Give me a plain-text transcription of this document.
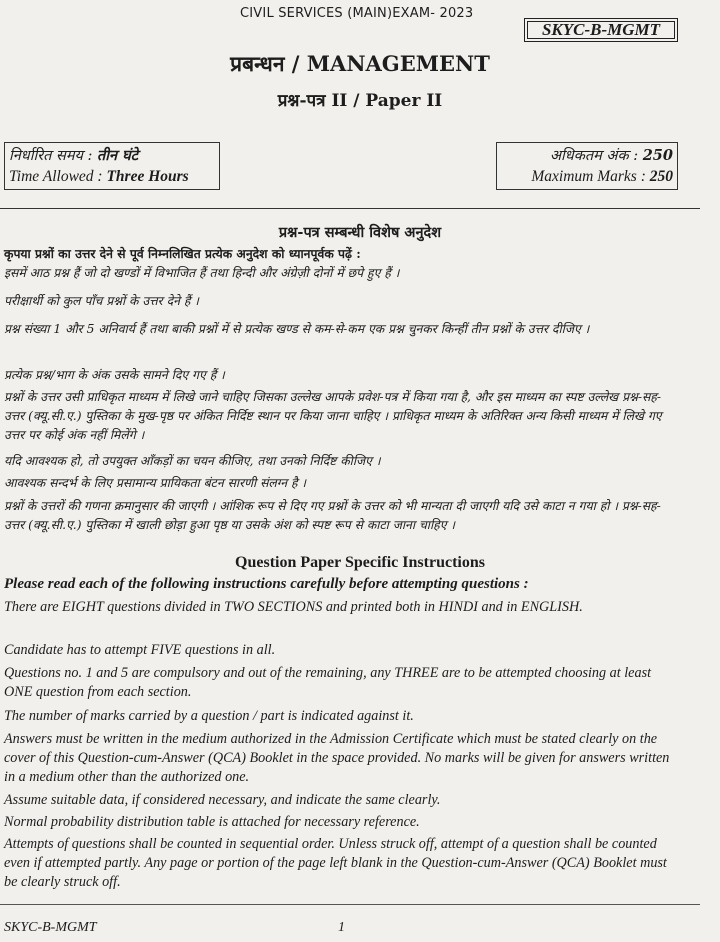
CIVIL SERVICES (MAIN)EXAM- 2023
SKYC-B-MGMT
प्रबन्धन / MANAGEMENT
प्रश्न-पत्र II / Paper II
निर्धारित समय : तीन घंटे
Time Allowed : Three Hours
अधिकतम अंक : 250
Maximum Marks : 250
प्रश्न-पत्र सम्बन्धी विशेष अनुदेश
कृपया प्रश्नों का उत्तर देने से पूर्व निम्नलिखित प्रत्येक अनुदेश को ध्यानपूर्वक पढ़ें :
इसमें आठ प्रश्न हैं जो दो खण्डों में विभाजित हैं तथा हिन्दी और अंग्रेज़ी दोनों में छपे हुए हैं ।
परीक्षार्थी को कुल पाँच प्रश्नों के उत्तर देने हैं ।
प्रश्न संख्या 1 और 5 अनिवार्य हैं तथा बाकी प्रश्नों में से प्रत्येक खण्ड से कम-से-कम एक प्रश्न चुनकर किन्हीं तीन प्रश्नों के उत्तर दीजिए ।
प्रत्येक प्रश्न/भाग के अंक उसके सामने दिए गए हैं ।
प्रश्नों के उत्तर उसी प्राधिकृत माध्यम में लिखे जाने चाहिए जिसका उल्लेख आपके प्रवेश-पत्र में किया गया है, और इस माध्यम का स्पष्ट उल्लेख प्रश्न-सह-उत्तर (क्यू.सी.ए.) पुस्तिका के मुख-पृष्ठ पर अंकित निर्दिष्ट स्थान पर किया जाना चाहिए । प्राधिकृत माध्यम के अतिरिक्त अन्य किसी माध्यम में लिखे गए उत्तर पर कोई अंक नहीं मिलेंगे ।
यदि आवश्यक हो, तो उपयुक्त आँकड़ों का चयन कीजिए, तथा उनको निर्दिष्ट कीजिए ।
आवश्यक सन्दर्भ के लिए प्रसामान्य प्रायिकता बंटन सारणी संलग्न है ।
प्रश्नों के उत्तरों की गणना क्रमानुसार की जाएगी । आंशिक रूप से दिए गए प्रश्नों के उत्तर को भी मान्यता दी जाएगी यदि उसे काटा न गया हो । प्रश्न-सह-उत्तर (क्यू.सी.ए.) पुस्तिका में खाली छोड़ा हुआ पृष्ठ या उसके अंश को स्पष्ट रूप से काटा जाना चाहिए ।
Question Paper Specific Instructions
Please read each of the following instructions carefully before attempting questions :
There are EIGHT questions divided in TWO SECTIONS and printed both in HINDI and in ENGLISH.
Candidate has to attempt FIVE questions in all.
Questions no. 1 and 5 are compulsory and out of the remaining, any THREE are to be attempted choosing at least ONE question from each section.
The number of marks carried by a question / part is indicated against it.
Answers must be written in the medium authorized in the Admission Certificate which must be stated clearly on the cover of this Question-cum-Answer (QCA) Booklet in the space provided. No marks will be given for answers written in a medium other than the authorized one.
Assume suitable data, if considered necessary, and indicate the same clearly.
Normal probability distribution table is attached for necessary reference.
Attempts of questions shall be counted in sequential order. Unless struck off, attempt of a question shall be counted even if attempted partly. Any page or portion of the page left blank in the Question-cum-Answer (QCA) Booklet must be clearly struck off.
SKYC-B-MGMT	1
